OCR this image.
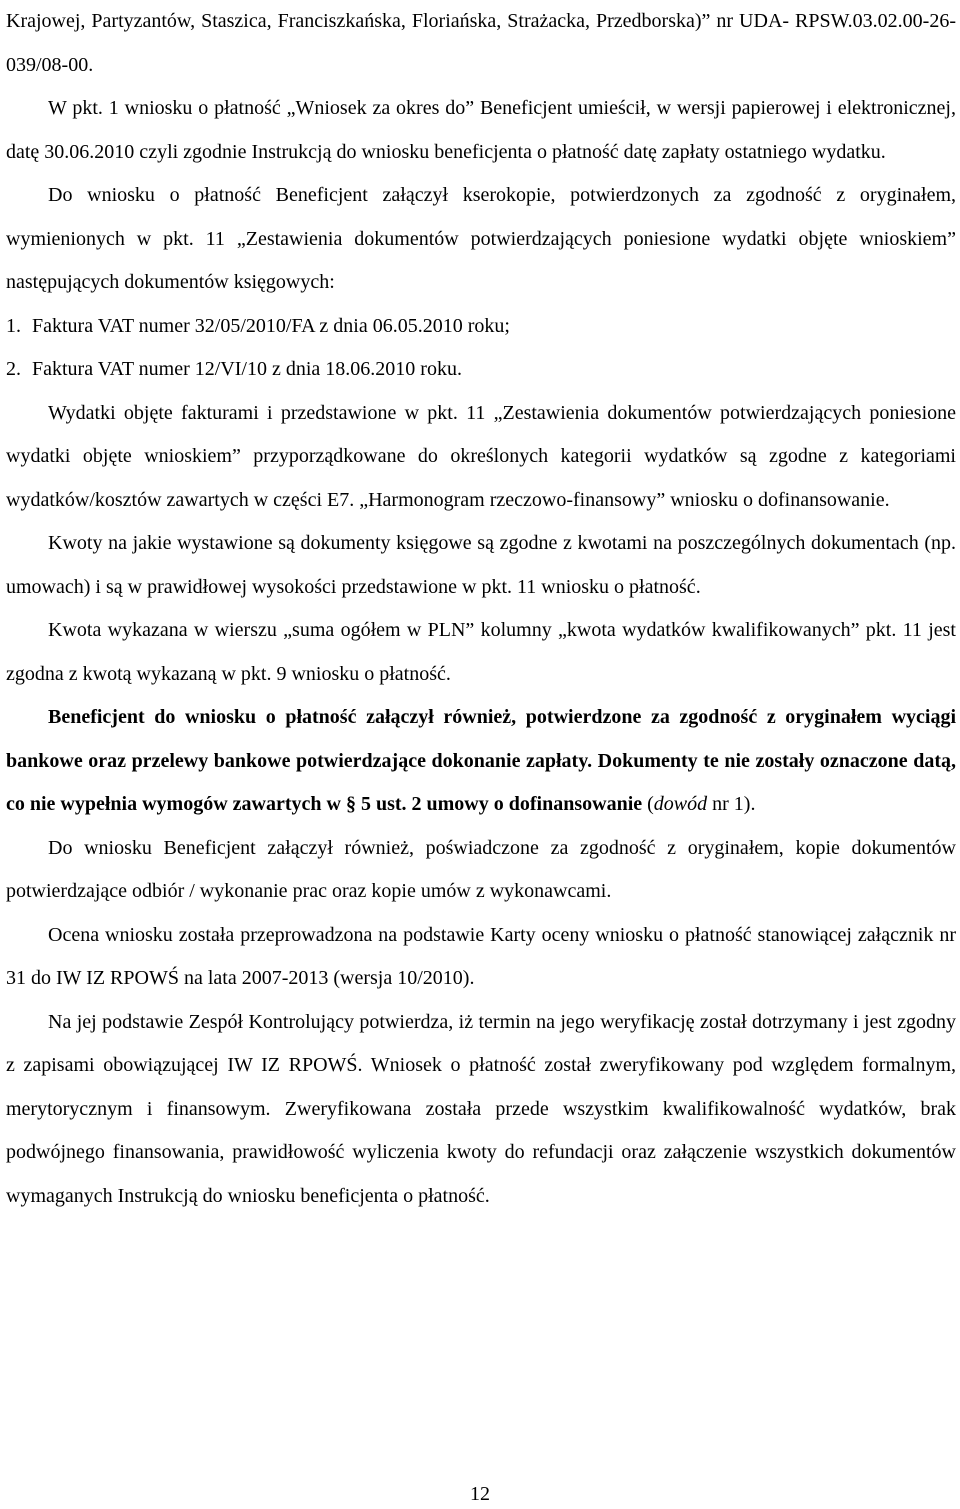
Krajowej, Partyzantów, Staszica, Franciszkańska, Floriańska, Strażacka, Przedborska)” nr UDA- RPSW.03.02.00-26-039/08-00.

W pkt. 1 wniosku o płatność „Wniosek za okres do” Beneficjent umieścił, w wersji papierowej i elektronicznej, datę 30.06.2010 czyli zgodnie Instrukcją do wniosku beneficjenta o płatność datę zapłaty ostatniego wydatku.

Do wniosku o płatność Beneficjent załączył kserokopie, potwierdzonych za zgodność z oryginałem, wymienionych w pkt. 11 „Zestawienia dokumentów potwierdzających poniesione wydatki objęte wnioskiem” następujących dokumentów księgowych:

1. Faktura VAT numer 32/05/2010/FA z dnia 06.05.2010 roku;

2. Faktura VAT numer 12/VI/10 z dnia 18.06.2010 roku.

Wydatki objęte fakturami i przedstawione w pkt. 11 „Zestawienia dokumentów potwierdzających poniesione wydatki objęte wnioskiem” przyporządkowane do określonych kategorii wydatków są zgodne z kategoriami wydatków/kosztów zawartych w części E7. „Harmonogram rzeczowo-finansowy” wniosku o dofinansowanie.

Kwoty na jakie wystawione są dokumenty księgowe są zgodne z kwotami na poszczególnych dokumentach (np. umowach) i są w prawidłowej wysokości przedstawione w pkt. 11 wniosku o płatność.

Kwota wykazana w wierszu „suma ogółem w PLN” kolumny „kwota wydatków kwalifikowanych” pkt. 11 jest zgodna z kwotą wykazaną w pkt. 9 wniosku o płatność.

Beneficjent do wniosku o płatność załączył również, potwierdzone za zgodność z oryginałem wyciągi bankowe oraz przelewy bankowe potwierdzające dokonanie zapłaty. Dokumenty te nie zostały oznaczone datą, co nie wypełnia wymogów zawartych w § 5 ust. 2 umowy o dofinansowanie (dowód nr 1).

Do wniosku Beneficjent załączył również, poświadczone za zgodność z oryginałem, kopie dokumentów potwierdzające odbiór / wykonanie prac oraz kopie umów z wykonawcami.

Ocena wniosku została przeprowadzona na podstawie Karty oceny wniosku o płatność stanowiącej załącznik nr 31 do IW IZ RPOWŚ na lata 2007-2013 (wersja 10/2010).

Na jej podstawie Zespół Kontrolujący potwierdza, iż termin na jego weryfikację został dotrzymany i jest zgodny z zapisami obowiązującej IW IZ RPOWŚ. Wniosek o płatność został zweryfikowany pod względem formalnym, merytorycznym i finansowym. Zweryfikowana została przede wszystkim kwalifikowalność wydatków, brak podwójnego finansowania, prawidłowość wyliczenia kwoty do refundacji oraz załączenie wszystkich dokumentów wymaganych Instrukcją do wniosku beneficjenta o płatność.

12
